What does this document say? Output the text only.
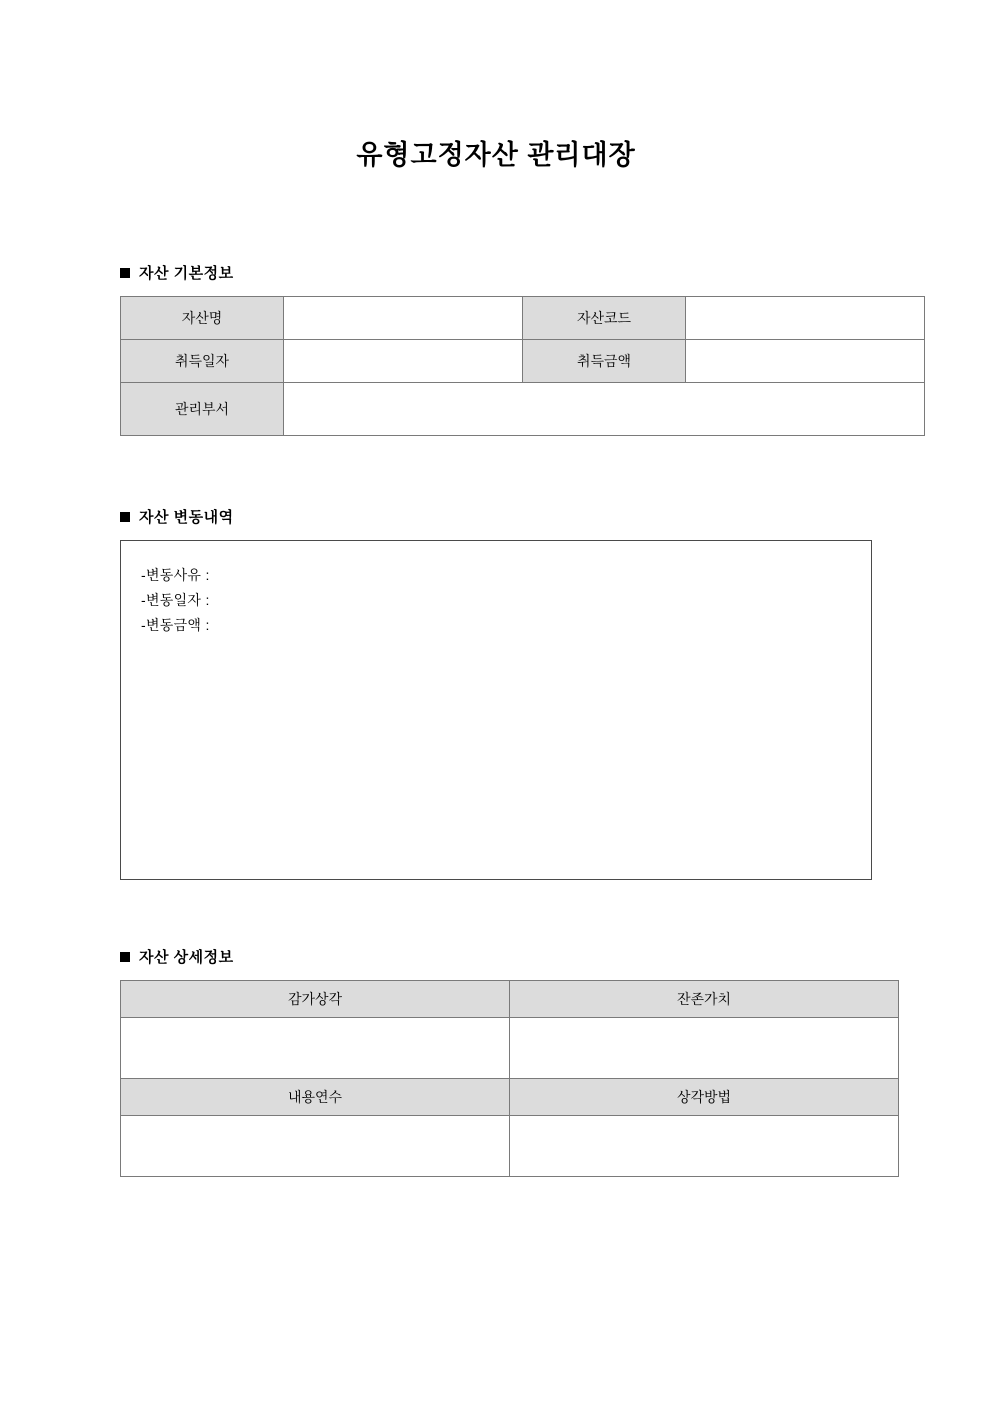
유형고정자산 관리대장
자산 기본정보
자산명		자산코드	
취득일자		취득금액	
관리부서			
자산 변동내역
-변동사유 :
-변동일자 :
-변동금액 :
자산 상세정보
감가상각	잔존가치

내용연수	상각방법
